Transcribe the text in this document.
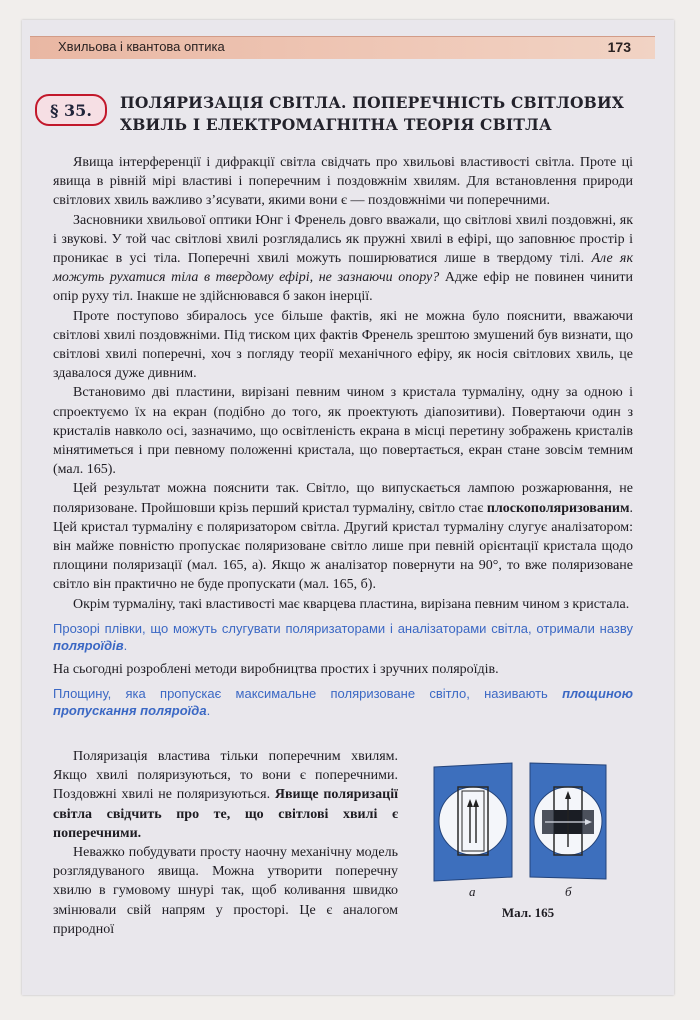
Хвильова і квантова оптика	173
§ 35. ПОЛЯРИЗАЦІЯ СВІТЛА. ПОПЕРЕЧНІСТЬ СВІТЛОВИХ
ХВИЛЬ І ЕЛЕКТРОМАГНІТНА ТЕОРІЯ СВІТЛА

Явища інтерференції і дифракції світла свідчать про хвильові властивості світла. Проте ці явища в рівній мірі властиві і поперечним і поздовжнім хвилям. Для встановлення природи світлових хвиль важливо з’ясувати, якими вони є — поздовжніми чи поперечними.

Засновники хвильової оптики Юнг і Френель довго вважали, що світлові хвилі поздовжні, як і звукові. У той час світлові хвилі розглядались як пружні хвилі в ефірі, що заповнює простір і проникає в усі тіла. Поперечні хвилі можуть поширюватися лише в твердому тілі. Але як можуть рухатися тіла в твердому ефірі, не зазнаючи опору? Адже ефір не повинен чинити опір руху тіл. Інакше не здійснювався б закон інерції.

Проте поступово збиралось усе більше фактів, які не можна було пояснити, вважаючи світлові хвилі поздовжніми. Під тиском цих фактів Френель зрештою змушений був визнати, що світлові хвилі поперечні, хоч з погляду теорії механічного ефіру, як носія світлових хвиль, це здавалося дуже дивним.

Встановимо дві пластини, вирізані певним чином з кристала турмаліну, одну за одною і спроектуємо їх на екран (подібно до того, як проектують діапозитиви). Повертаючи один з кристалів навколо осі, зазначимо, що освітленість екрана в місці перетину зображень кристалів мінятиметься і при певному положенні кристала, що повертається, екран стане зовсім темним (мал. 165).

Цей результат можна пояснити так. Світло, що випускається лампою розжарювання, не поляризоване. Пройшовши крізь перший кристал турмаліну, світло стає плоскополяризованим. Цей кристал турмаліну є поляризатором світла. Другий кристал турмаліну слугує аналізатором: він майже повністю пропускає поляризоване світло лише при певній орієнтації кристала щодо площини поляризації (мал. 165, а). Якщо ж аналізатор повернути на 90°, то вже поляризоване світло він практично не буде пропускати (мал. 165, б).

Окрім турмаліну, такі властивості має кварцева пластина, вирізана певним чином з кристала.

Прозорі плівки, що можуть слугувати поляризаторами і аналізаторами світла, отримали назву поляроїдів.

На сьогодні розроблені методи виробництва простих і зручних поляроїдів.

Площину, яка пропускає максимальне поляризоване світло, називають площиною пропускання поляроїда.

Поляризація властива тільки поперечним хвилям. Якщо хвилі поляризуються, то вони є поперечними. Поздовжні хвилі не поляризуються. Явище поляризації світла свідчить про те, що світлові хвилі є поперечними.

Неважко побудувати просту наочну механічну модель розглядуваного явища. Можна утворити поперечну хвилю в гумовому шнурі так, щоб коливання швидко змінювали свій напрям у просторі. Це є аналогом природної

а	б
Мал. 165
